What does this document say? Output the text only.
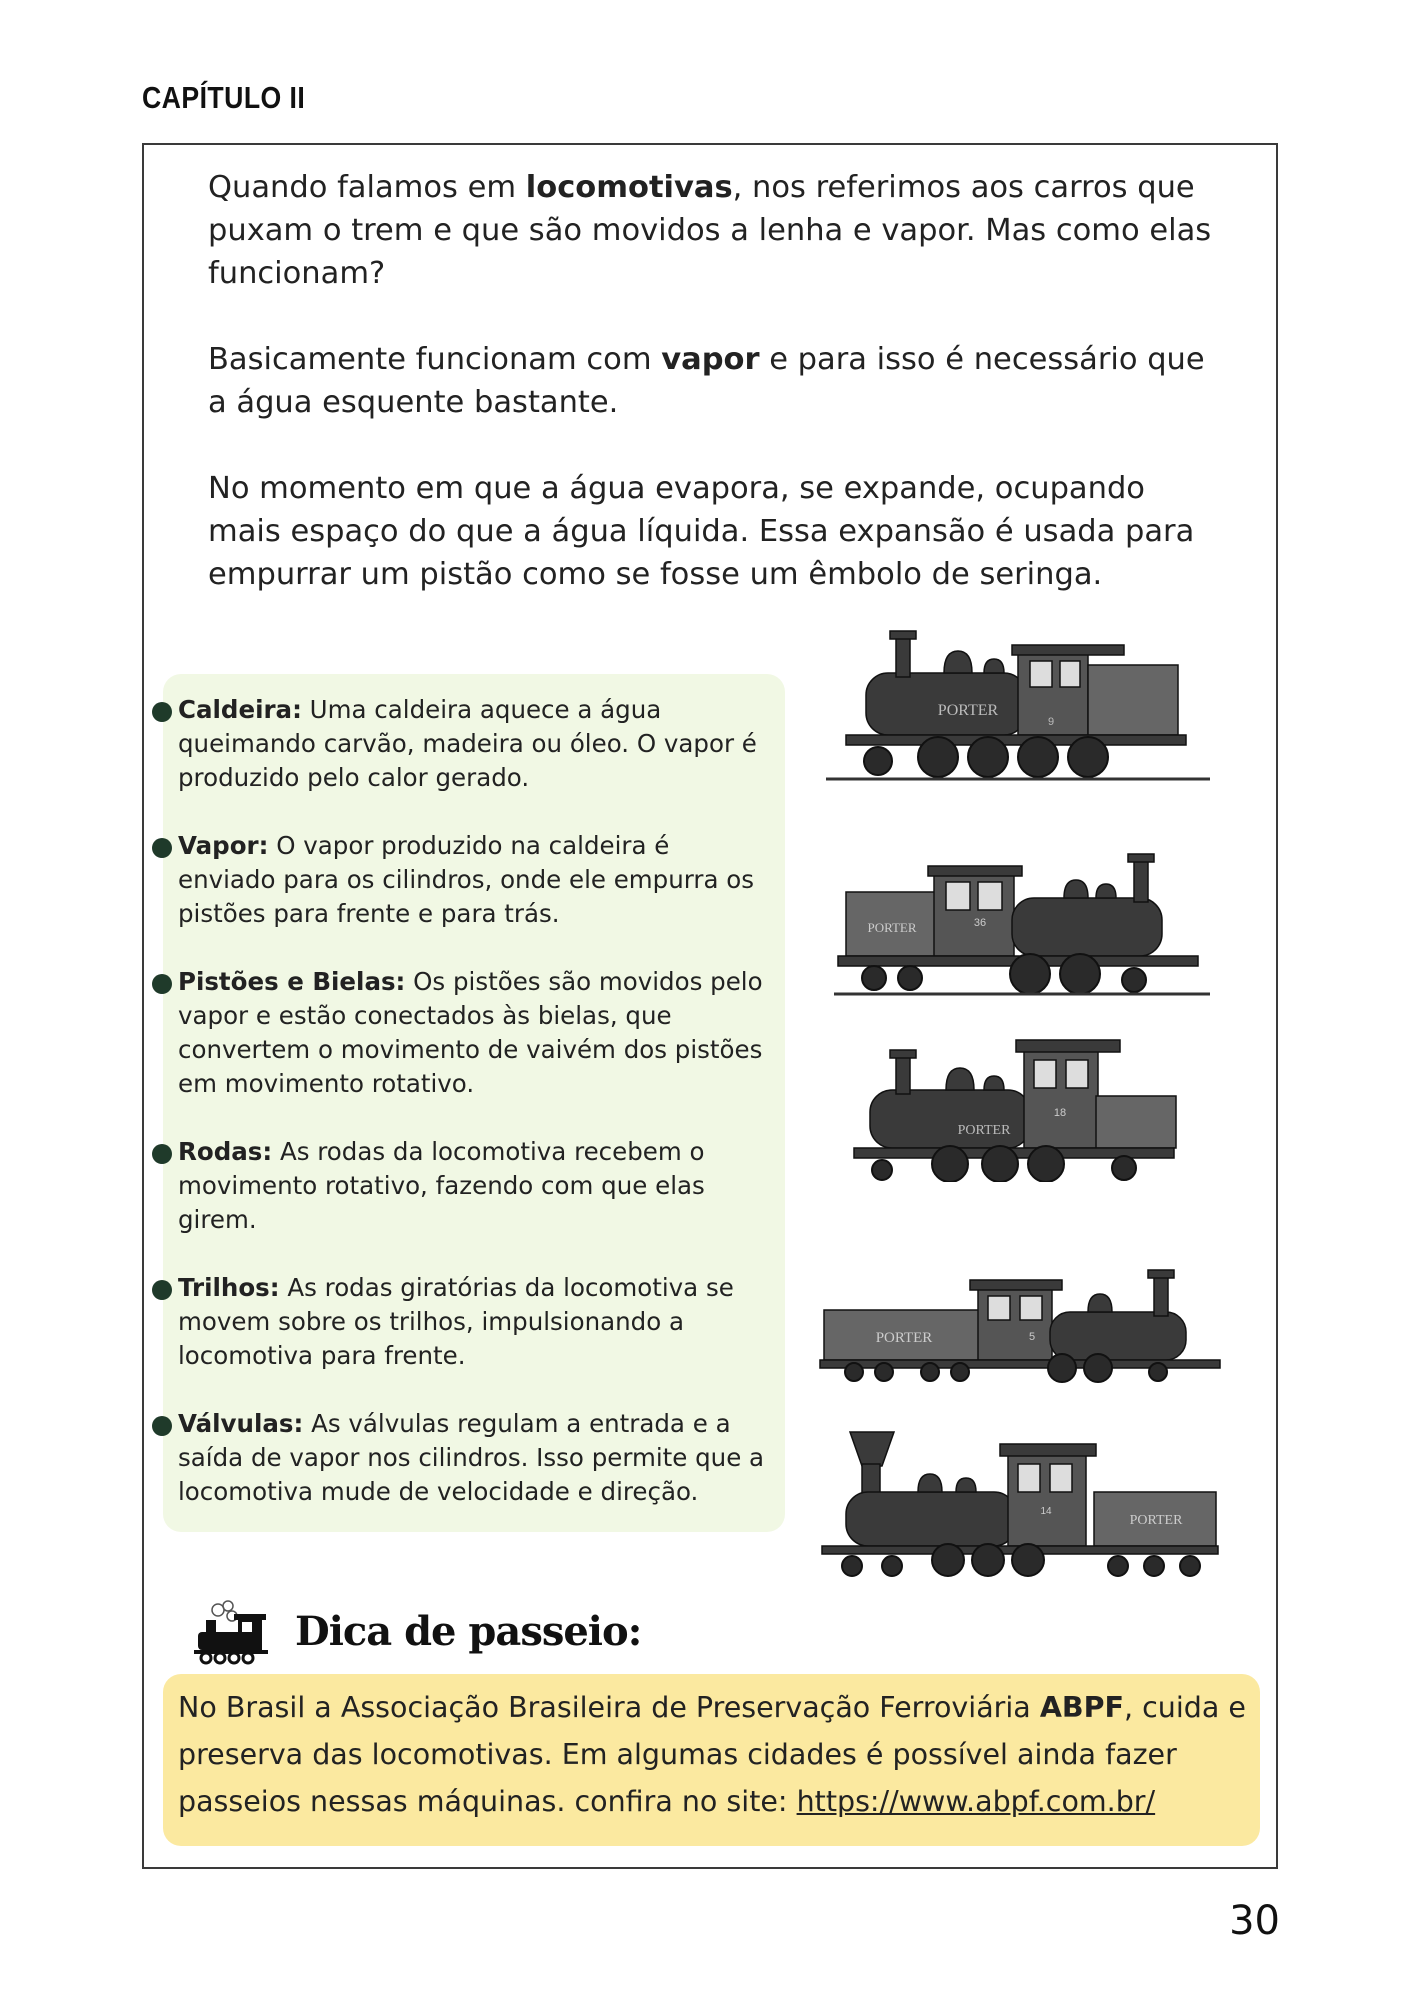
CAPÍTULO II

Quando falamos em locomotivas, nos referimos aos carros que puxam o trem e que são movidos a lenha e vapor. Mas como elas funcionam?

Basicamente funcionam com vapor e para isso é necessário que a água esquente bastante.

No momento em que a água evapora, se expande, ocupando mais espaço do que a água líquida. Essa expansão é usada para empurrar um pistão como se fosse um êmbolo de seringa.

Caldeira: Uma caldeira aquece a água queimando carvão, madeira ou óleo. O vapor é produzido pelo calor gerado.
Vapor: O vapor produzido na caldeira é enviado para os cilindros, onde ele empurra os pistões para frente e para trás.
Pistões e Bielas: Os pistões são movidos pelo vapor e estão conectados às bielas, que convertem o movimento de vaivém dos pistões em movimento rotativo.
Rodas: As rodas da locomotiva recebem o movimento rotativo, fazendo com que elas girem.
Trilhos: As rodas giratórias da locomotiva se movem sobre os trilhos, impulsionando a locomotiva para frente.
Válvulas: As válvulas regulam a entrada e a saída de vapor nos cilindros. Isso permite que a locomotiva mude de velocidade e direção.
PORTER
9
PORTER	36
PORTER
18
PORTER	5
PORTER
14
Dica de passeio:
No Brasil a Associação Brasileira de Preservação Ferroviária ABPF, cuida e preserva das locomotivas. Em algumas cidades é possível ainda fazer passeios nessas máquinas. confira no site: https://www.abpf.com.br/
30
